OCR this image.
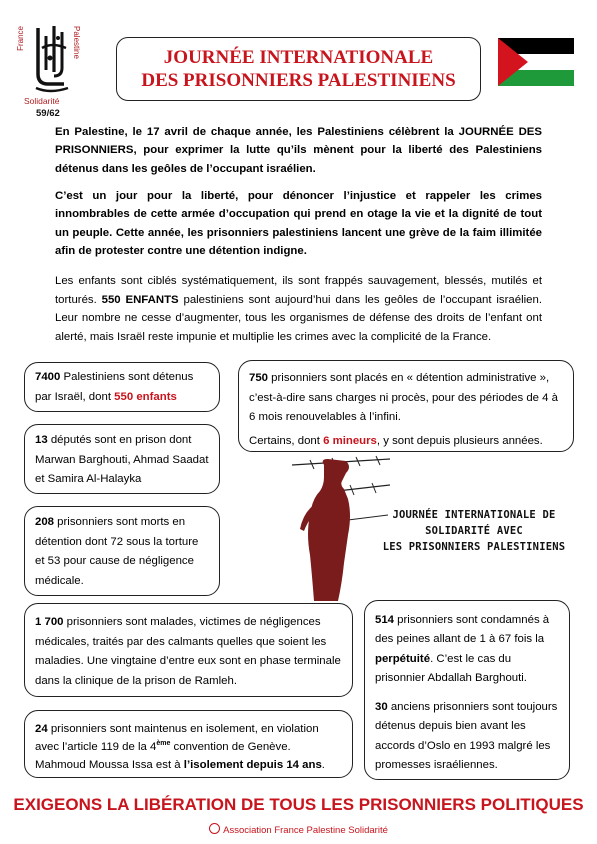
France	Palestine
Solidarité
59/62
JOURNÉE INTERNATIONALE
DES PRISONNIERS PALESTINIENS
En Palestine, le 17 avril de chaque année, les Palestiniens célèbrent la JOURNÉE DES PRISONNIERS, pour exprimer la lutte qu’ils mènent pour la liberté des Palestiniens détenus dans les geôles de l’occupant israélien.
C’est un jour pour la liberté, pour dénoncer l’injustice et rappeler les crimes innombrables de cette armée d’occupation qui prend en otage la vie et la dignité de tout un peuple. Cette année, les prisonniers palestiniens lancent une grève de la faim illimitée afin de protester contre une détention indigne.
Les enfants sont ciblés systématiquement, ils sont frappés sauvagement, blessés, mutilés et torturés. 550 ENFANTS palestiniens sont aujourd’hui dans les geôles de l’occupant israélien. Leur nombre ne cesse d’augmenter, tous les organismes de défense des droits de l’enfant ont alerté, mais Israël reste impunie et multiplie les crimes avec la complicité de la France.
7400 Palestiniens sont détenus par Israël, dont 550 enfants
13 députés sont en prison dont Marwan Barghouti, Ahmad Saadat et Samira Al-Halayka
208 prisonniers sont morts en détention dont 72 sous la torture et 53 pour cause de négligence médicale.
750 prisonniers sont placés en « détention administrative », c’est-à-dire sans charges ni procès, pour des périodes de 4 à 6 mois renouvelables à l’infini.
Certains, dont 6 mineurs, y sont depuis plusieurs années.
JOURNÉE INTERNATIONALE DE
SOLIDARITÉ AVEC
LES PRISONNIERS PALESTINIENS
1 700 prisonniers sont malades, victimes de négligences médicales, traités par des calmants quelles que soient les maladies. Une vingtaine d’entre eux sont en phase terminale dans la clinique de la prison de Ramleh.
24 prisonniers sont maintenus en isolement, en violation avec l’article 119 de la 4ème convention de Genève. Mahmoud Moussa Issa est à l’isolement depuis 14 ans.
514 prisonniers sont condamnés à des peines allant de 1 à 67 fois la perpétuité. C’est le cas du prisonnier Abdallah Barghouti.
30 anciens prisonniers sont toujours détenus depuis bien avant les accords d’Oslo en 1993 malgré les promesses israéliennes.
EXIGEONS LA LIBÉRATION DE TOUS LES PRISONNIERS POLITIQUES
Association France Palestine Solidarité
